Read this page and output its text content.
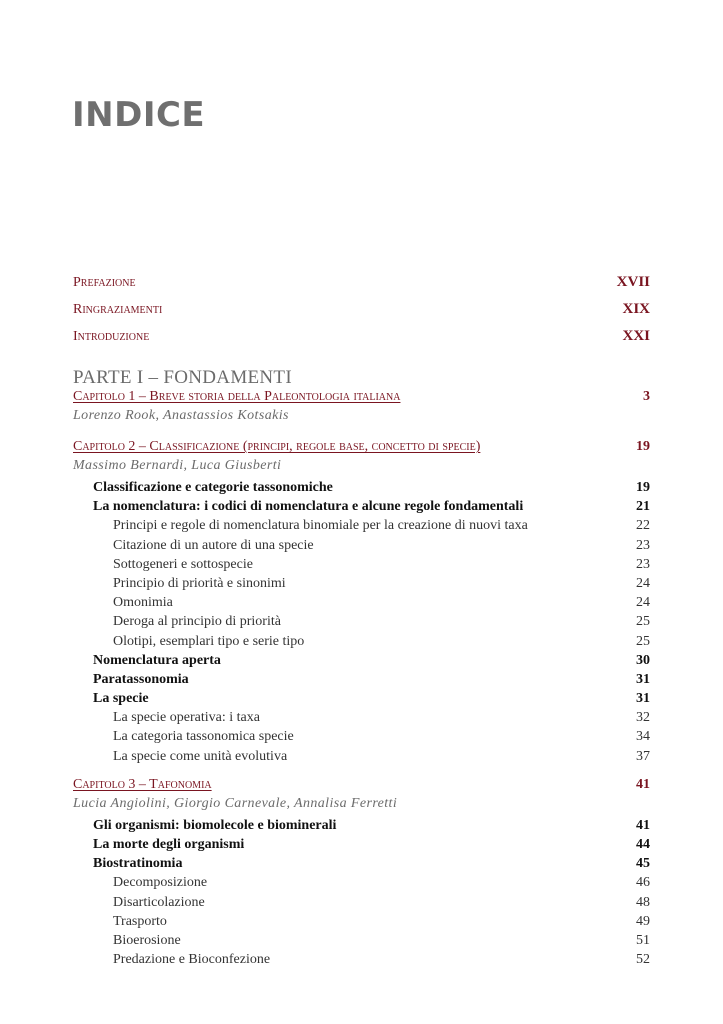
INDICE
Prefazione	XVII
Ringraziamenti	XIX
Introduzione	XXI
PARTE I – FONDAMENTI
Capitolo 1 – Breve storia della Paleontologia italiana	3
Lorenzo Rook, Anastassios Kotsakis
Capitolo 2 – Classificazione (principi, regole base, concetto di specie)	19
Massimo Bernardi, Luca Giusberti
Classificazione e categorie tassonomiche	19
La nomenclatura: i codici di nomenclatura e alcune regole fondamentali	21
Principi e regole di nomenclatura binomiale per la creazione di nuovi taxa	22
Citazione di un autore di una specie	23
Sottogeneri e sottospecie	23
Principio di priorità e sinonimi	24
Omonimia	24
Deroga al principio di priorità	25
Olotipi, esemplari tipo e serie tipo	25
Nomenclatura aperta	30
Paratassonomia	31
La specie	31
La specie operativa: i taxa	32
La categoria tassonomica specie	34
La specie come unità evolutiva	37
Capitolo 3 – Tafonomia	41
Lucia Angiolini, Giorgio Carnevale, Annalisa Ferretti
Gli organismi: biomolecole e biominerali	41
La morte degli organismi	44
Biostratinomia	45
Decomposizione	46
Disarticolazione	48
Trasporto	49
Bioerosione	51
Predazione e Bioconfezione	52
